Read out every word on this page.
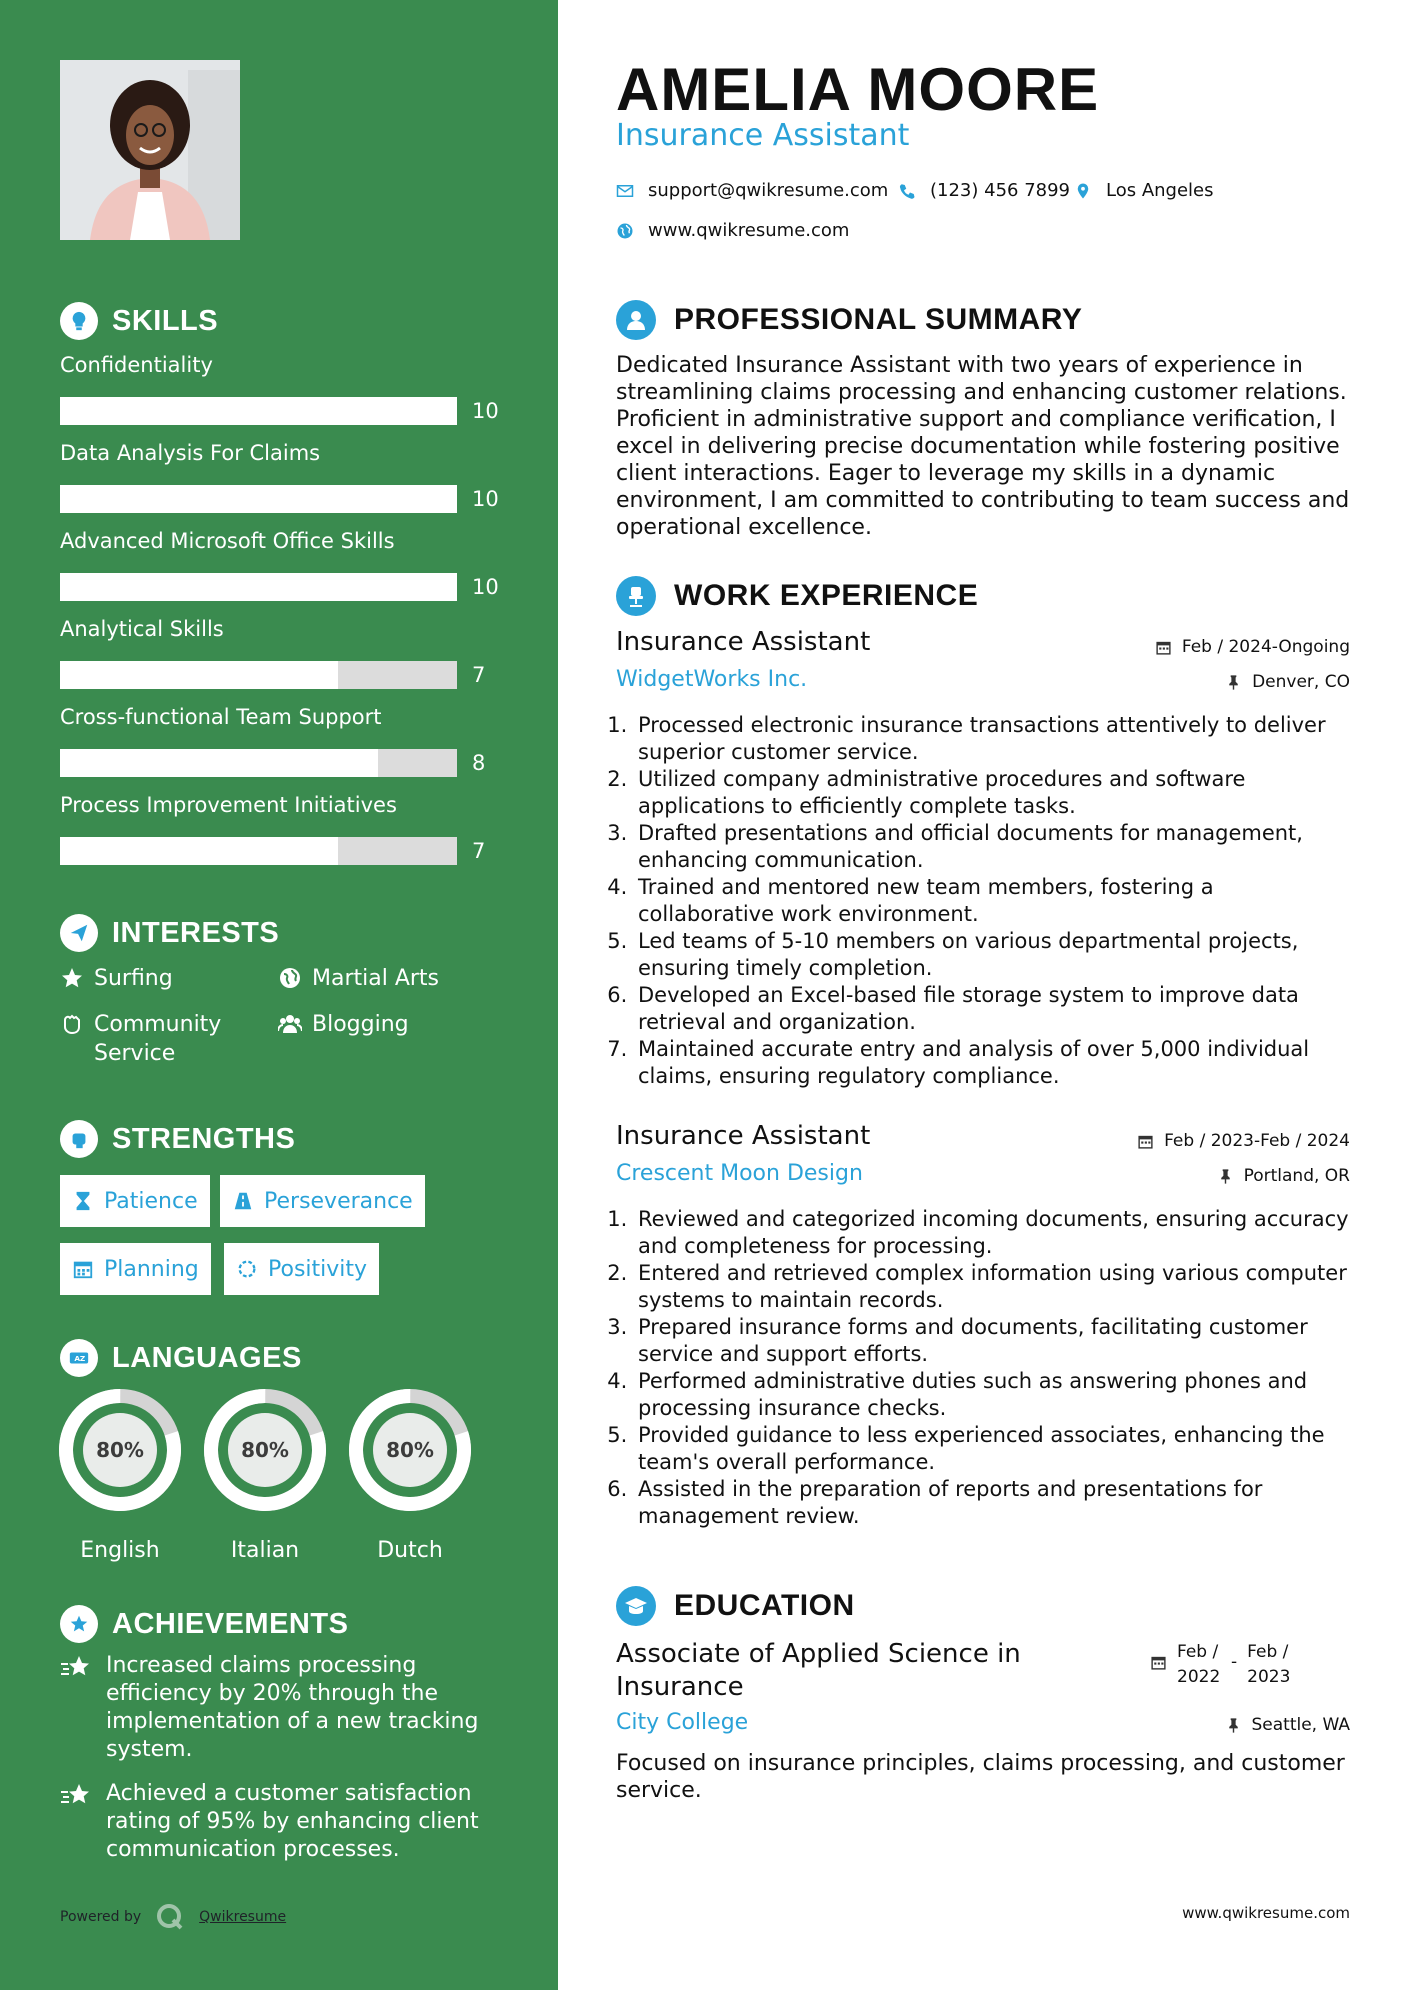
SKILLS
Confidentiality
10
Data Analysis For Claims
10
Advanced Microsoft Office Skills
10
Analytical Skills
7
Cross-functional Team Support
8
Process Improvement Initiatives
7
INTERESTS
Surfing	Martial Arts
Community Service
Blogging
STRENGTHS
Patience	Perseverance
Planning	Positivity
A Z LANGUAGES
80%
English
80%
Italian
80%
Dutch
ACHIEVEMENTS
Increased claims processing efficiency by 20% through the implementation of a new tracking system.
Achieved a customer satisfaction rating of 95% by enhancing client communication processes.
Powered by	Qwikresume
AMELIA MOORE
Insurance Assistant
support@qwikresume.com (123) 456 7899 Los Angeles
www.qwikresume.com
PROFESSIONAL SUMMARY
Dedicated Insurance Assistant with two years of experience in streamlining claims processing and enhancing customer relations. Proficient in administrative support and compliance verification, I excel in delivering precise documentation while fostering positive client interactions. Eager to leverage my skills in a dynamic environment, I am committed to contributing to team success and operational excellence.
WORK EXPERIENCE
Insurance Assistant	Feb / 2024-Ongoing
WidgetWorks Inc.	Denver, CO
1. Processed electronic insurance transactions attentively to deliver superior customer service.
2. Utilized company administrative procedures and software applications to efficiently complete tasks.
3. Drafted presentations and official documents for management, enhancing communication.
4. Trained and mentored new team members, fostering a collaborative work environment.
5. Led teams of 5-10 members on various departmental projects, ensuring timely completion.
6. Developed an Excel-based file storage system to improve data retrieval and organization.
7. Maintained accurate entry and analysis of over 5,000 individual claims, ensuring regulatory compliance.
Insurance Assistant	Feb / 2023-Feb / 2024
Crescent Moon Design	Portland, OR
1. Reviewed and categorized incoming documents, ensuring accuracy and completeness for processing.
2. Entered and retrieved complex information using various computer systems to maintain records.
3. Prepared insurance forms and documents, facilitating customer service and support efforts.
4. Performed administrative duties such as answering phones and processing insurance checks.
5. Provided guidance to less experienced associates, enhancing the team's overall performance.
6. Assisted in the preparation of reports and presentations for management review.
EDUCATION
Associate of Applied Science in Insurance
Feb / 2022
- Feb / 2023
City College	Seattle, WA
Focused on insurance principles, claims processing, and customer service.
www.qwikresume.com
